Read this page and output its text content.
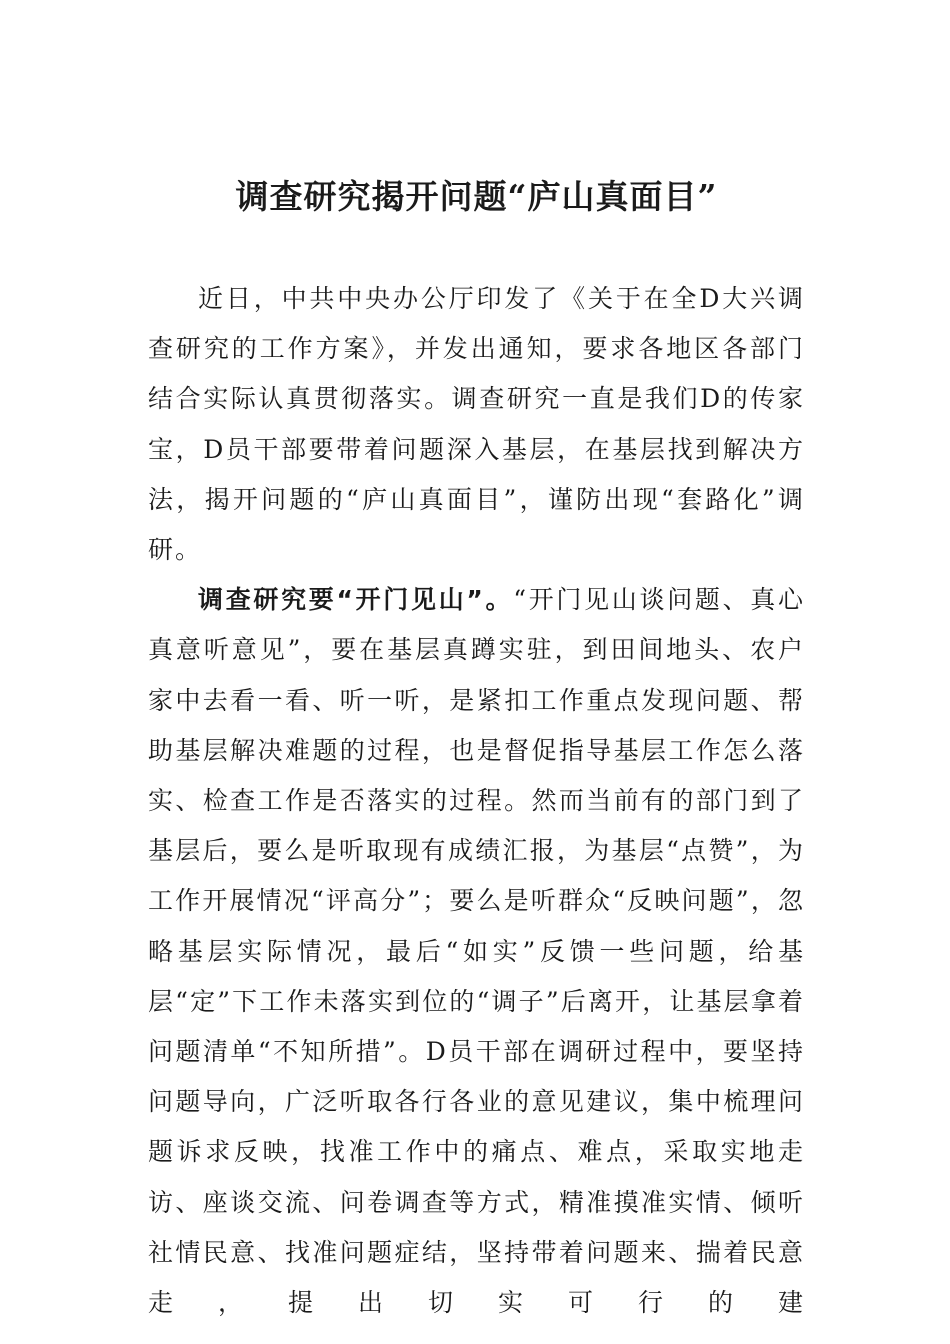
调查研究揭开问题“庐山真面目”

近日，中共中央办公厅印发了《关于在全D大兴调查研究的工作方案》，并发出通知，要求各地区各部门结合实际认真贯彻落实。调查研究一直是我们D的传家宝，D员干部要带着问题深入基层，在基层找到解决方法，揭开问题的“庐山真面目”，谨防出现“套路化”调研。

调查研究要“开门见山”。“开门见山谈问题、真心真意听意见”，要在基层真蹲实驻，到田间地头、农户家中去看一看、听一听，是紧扣工作重点发现问题、帮助基层解决难题的过程，也是督促指导基层工作怎么落实、检查工作是否落实的过程。然而当前有的部门到了基层后，要么是听取现有成绩汇报，为基层“点赞”，为工作开展情况“评高分”；要么是听群众“反映问题”，忽略基层实际情况，最后“如实”反馈一些问题，给基层“定”下工作未落实到位的“调子”后离开，让基层拿着问题清单“不知所措”。D员干部在调研过程中，要坚持问题导向，广泛听取各行各业的意见建议，集中梳理问题诉求反映，找准工作中的痛点、难点，采取实地走访、座谈交流、问卷调查等方式，精准摸准实情、倾听社情民意、找准问题症结，坚持带着问题来、揣着民意走，提出切实可行的建
